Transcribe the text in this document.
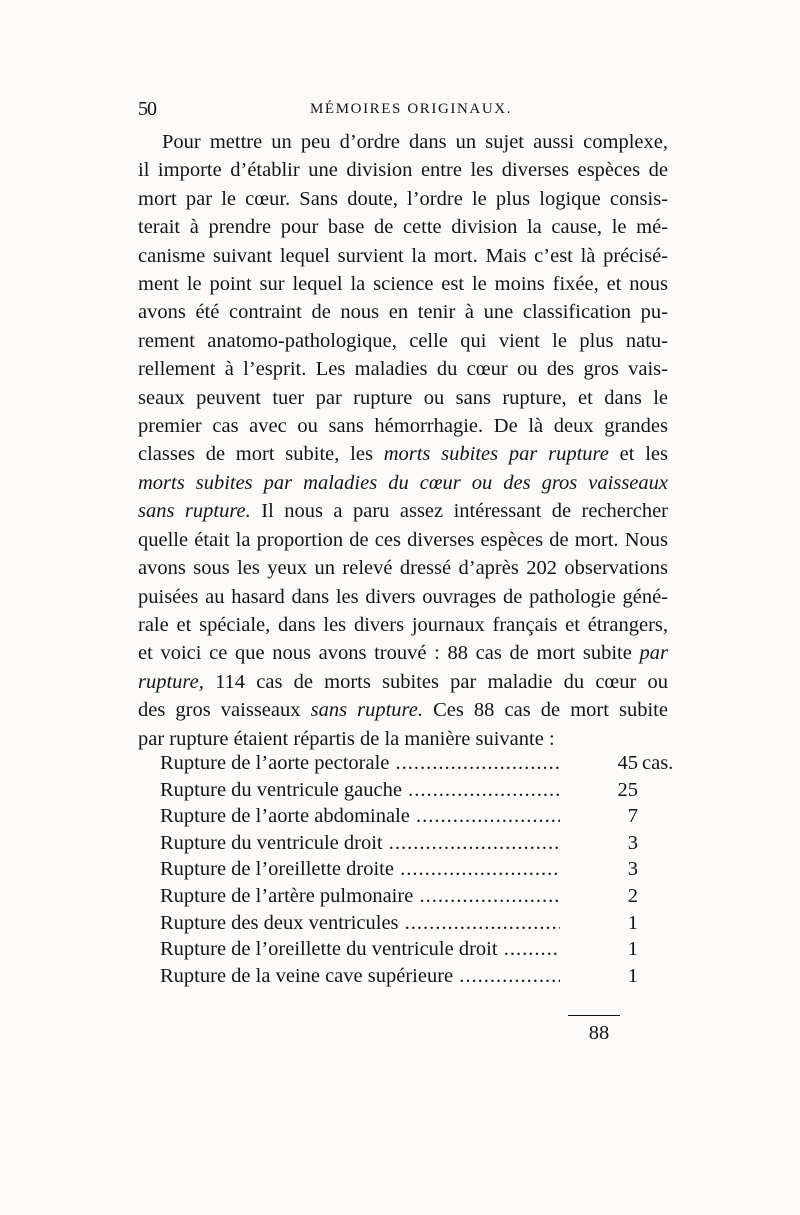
50	MÉMOIRES ORIGINAUX.
Pour mettre un peu d’ordre dans un sujet aussi complexe,
il importe d’établir une division entre les diverses espèces de
mort par le cœur. Sans doute, l’ordre le plus logique consis-
terait à prendre pour base de cette division la cause, le mé-
canisme suivant lequel survient la mort. Mais c’est là précisé-
ment le point sur lequel la science est le moins fixée, et nous
avons été contraint de nous en tenir à une classification pu-
rement anatomo-pathologique, celle qui vient le plus natu-
rellement à l’esprit. Les maladies du cœur ou des gros vais-
seaux peuvent tuer par rupture ou sans rupture, et dans le
premier cas avec ou sans hémorrhagie. De là deux grandes
classes de mort subite, les morts subites par rupture et les
morts subites par maladies du cœur ou des gros vaisseaux
sans rupture. Il nous a paru assez intéressant de rechercher
quelle était la proportion de ces diverses espèces de mort. Nous
avons sous les yeux un relevé dressé d’après 202 observations
puisées au hasard dans les divers ouvrages de pathologie géné-
rale et spéciale, dans les divers journaux français et étrangers,
et voici ce que nous avons trouvé : 88 cas de mort subite par
rupture, 114 cas de morts subites par maladie du cœur ou
des gros vaisseaux sans rupture. Ces 88 cas de mort subite
par rupture étaient répartis de la manière suivante :
Rupture de l’aorte pectorale .....	45 cas.
Rupture du ventricule gauche .....	25
Rupture de l’aorte abdominale .....	7
Rupture du ventricule droit .....	3
Rupture de l’oreillette droite .....	3
Rupture de l’artère pulmonaire .....	2
Rupture des deux ventricules .....	1
Rupture de l’oreillette du ventricule droit .....	1
Rupture de la veine cave supérieure .....	1
88
